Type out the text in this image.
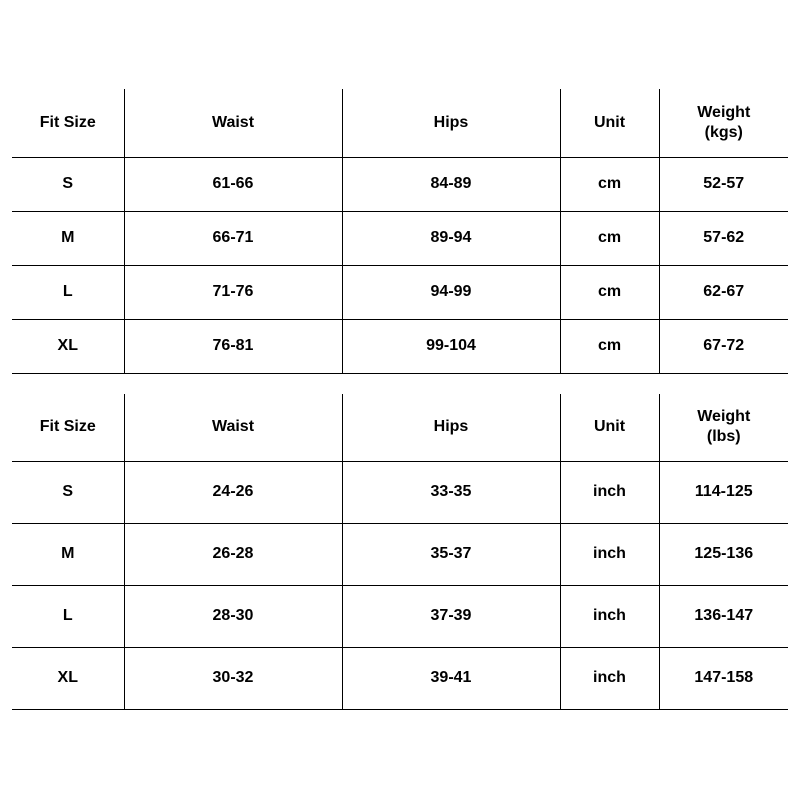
Fit Size	Waist	Hips	Unit	Weight
(kgs)

S	61-66	84-89	cm	52-57
M	66-71	89-94	cm	57-62
L	71-76	94-99	cm	62-67
XL	76-81	99-104	cm	67-72
Fit Size	Waist	Hips	Unit	Weight
(lbs)

S	24-26	33-35	inch	114-125
M	26-28	35-37	inch	125-136
L	28-30	37-39	inch	136-147
XL	30-32	39-41	inch	147-158
